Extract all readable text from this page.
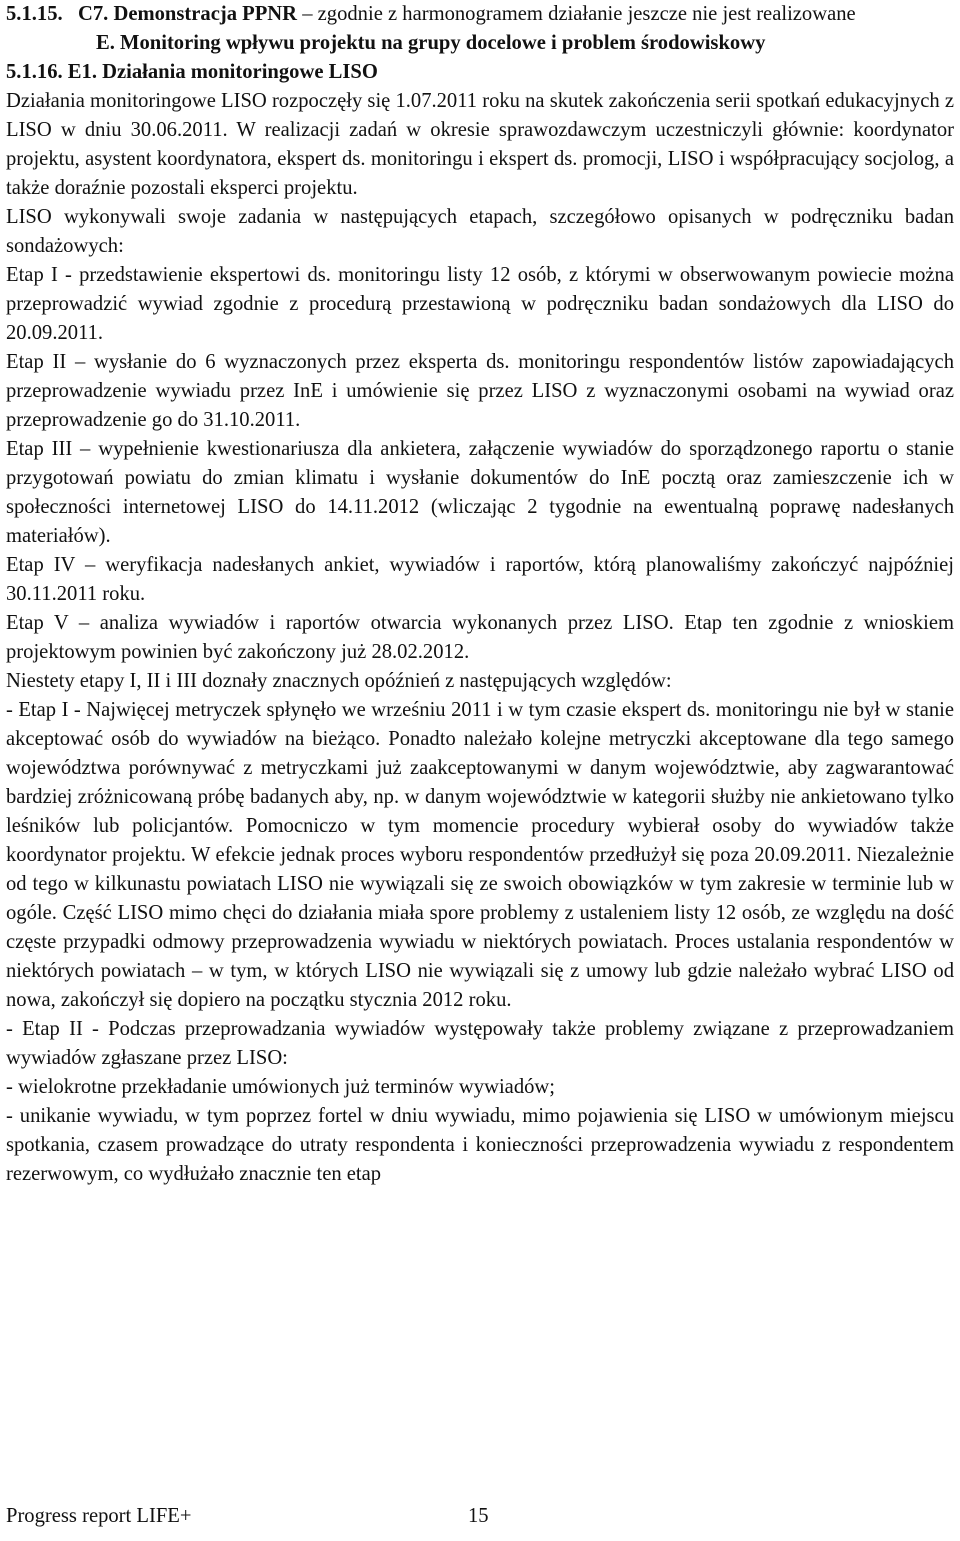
5.1.15. C7. Demonstracja PPNR – zgodnie z harmonogramem działanie jeszcze nie jest realizowane

E. Monitoring wpływu projektu na grupy docelowe i problem środowiskowy

5.1.16. E1. Działania monitoringowe LISO

Działania monitoringowe LISO rozpoczęły się 1.07.2011 roku na skutek zakończenia serii spotkań edukacyjnych z LISO w dniu 30.06.2011. W realizacji zadań w okresie sprawozdawczym uczestniczyli głównie: koordynator projektu, asystent koordynatora, ekspert ds. monitoringu i ekspert ds. promocji, LISO i współpracujący socjolog, a także doraźnie pozostali eksperci projektu.

LISO wykonywali swoje zadania w następujących etapach, szczegółowo opisanych w podręczniku badan sondażowych:

Etap I - przedstawienie ekspertowi ds. monitoringu listy 12 osób, z którymi w obserwowanym powiecie można przeprowadzić wywiad zgodnie z procedurą przestawioną w podręczniku badan sondażowych dla LISO do 20.09.2011.

Etap II – wysłanie do 6 wyznaczonych przez eksperta ds. monitoringu respondentów listów zapowiadających przeprowadzenie wywiadu przez InE i umówienie się przez LISO z wyznaczonymi osobami na wywiad oraz przeprowadzenie go do 31.10.2011.

Etap III – wypełnienie kwestionariusza dla ankietera, załączenie wywiadów do sporządzonego raportu o stanie przygotowań powiatu do zmian klimatu i wysłanie dokumentów do InE pocztą oraz zamieszczenie ich w społeczności internetowej LISO do 14.11.2012 (wliczając 2 tygodnie na ewentualną poprawę nadesłanych materiałów).

Etap IV – weryfikacja nadesłanych ankiet, wywiadów i raportów, którą planowaliśmy zakończyć najpóźniej 30.11.2011 roku.

Etap V – analiza wywiadów i raportów otwarcia wykonanych przez LISO. Etap ten zgodnie z wnioskiem projektowym powinien być zakończony już 28.02.2012.

Niestety etapy I, II i III doznały znacznych opóźnień z następujących względów:

- Etap I - Najwięcej metryczek spłynęło we wrześniu 2011 i w tym czasie ekspert ds. monitoringu nie był w stanie akceptować osób do wywiadów na bieżąco. Ponadto należało kolejne metryczki akceptowane dla tego samego województwa porównywać z metryczkami już zaakceptowanymi w danym województwie, aby zagwarantować bardziej zróżnicowaną próbę badanych aby, np. w danym województwie w kategorii służby nie ankietowano tylko leśników lub policjantów. Pomocniczo w tym momencie procedury wybierał osoby do wywiadów także koordynator projektu. W efekcie jednak proces wyboru respondentów przedłużył się poza 20.09.2011. Niezależnie od tego w kilkunastu powiatach LISO nie wywiązali się ze swoich obowiązków w tym zakresie w terminie lub w ogóle. Część LISO mimo chęci do działania miała spore problemy z ustaleniem listy 12 osób, ze względu na dość częste przypadki odmowy przeprowadzenia wywiadu w niektórych powiatach. Proces ustalania respondentów w niektórych powiatach – w tym, w których LISO nie wywiązali się z umowy lub gdzie należało wybrać LISO od nowa, zakończył się dopiero na początku stycznia 2012 roku.

- Etap II - Podczas przeprowadzania wywiadów występowały także problemy związane z przeprowadzaniem wywiadów zgłaszane przez LISO:

- wielokrotne przekładanie umówionych już terminów wywiadów;

- unikanie wywiadu, w tym poprzez fortel w dniu wywiadu, mimo pojawienia się LISO w umówionym miejscu spotkania, czasem prowadzące do utraty respondenta i konieczności przeprowadzenia wywiadu z respondentem rezerwowym, co wydłużało znacznie ten etap

Progress report LIFE+	15
